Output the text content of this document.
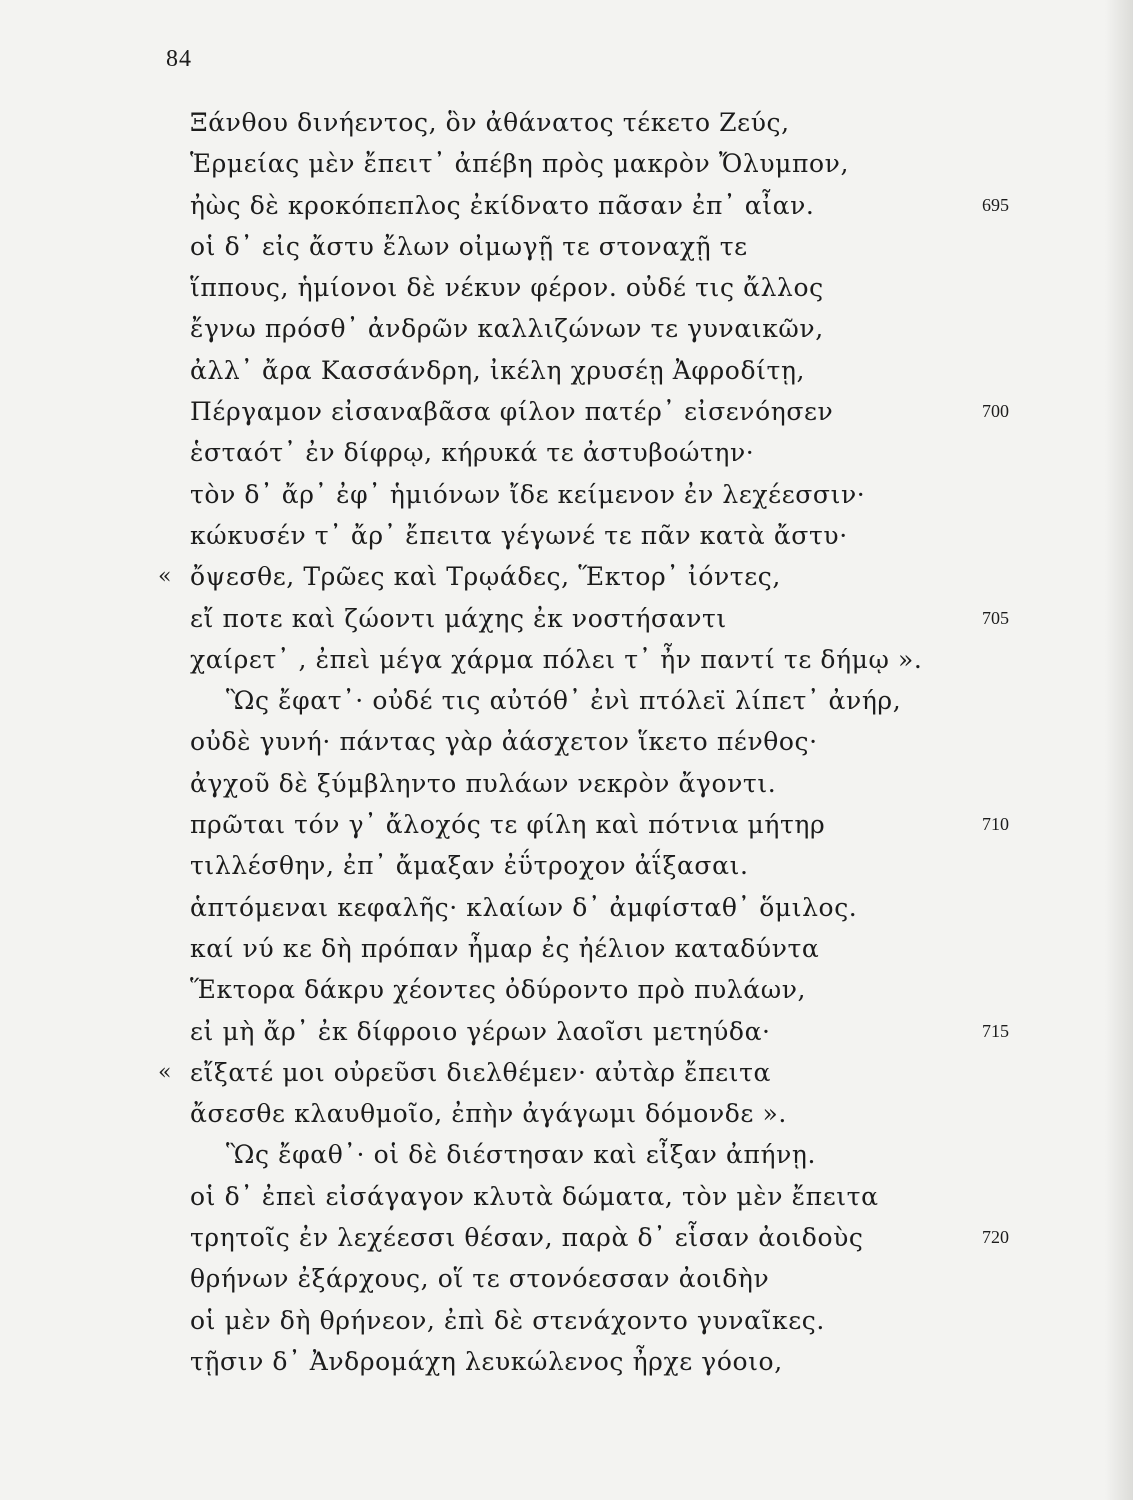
84
Ξάνθου δινήεντος, ὃν ἀθάνατος τέκετο Ζεύς,
Ἑρμείας μὲν ἔπειτ᾽ ἀπέβη πρὸς μακρὸν Ὄλυμπον,
ἠὼς δὲ κροκόπεπλος ἐκίδνατο πᾶσαν ἐπ᾽ αἶαν.	695
οἱ δ᾽ εἰς ἄστυ ἔλων οἰμωγῇ τε στοναχῇ τε
ἵππους, ἡμίονοι δὲ νέκυν φέρον. οὐδέ τις ἄλλος
ἔγνω πρόσθ᾽ ἀνδρῶν καλλιζώνων τε γυναικῶν,
ἀλλ᾽ ἄρα Κασσάνδρη, ἰκέλη χρυσέῃ Ἀφροδίτῃ,
Πέργαμον εἰσαναβᾶσα φίλον πατέρ᾽ εἰσενόησεν	700
ἑσταότ᾽ ἐν δίφρῳ, κήρυκά τε ἀστυβοώτην·
τὸν δ᾽ ἄρ᾽ ἐφ᾽ ἡμιόνων ἴδε κείμενον ἐν λεχέεσσιν·
κώκυσέν τ᾽ ἄρ᾽ ἔπειτα γέγωνέ τε πᾶν κατὰ ἄστυ·
« ὄψεσθε, Τρῶες καὶ Τρῳάδες, Ἕκτορ᾽ ἰόντες,
εἴ ποτε καὶ ζώοντι μάχης ἐκ νοστήσαντι	705
χαίρετ᾽ , ἐπεὶ μέγα χάρμα πόλει τ᾽ ἦν παντί τε δήμῳ ».
Ὣς ἔφατ᾽· οὐδέ τις αὐτόθ᾽ ἐνὶ πτόλεϊ λίπετ᾽ ἀνήρ,
οὐδὲ γυνή· πάντας γὰρ ἀάσχετον ἵκετο πένθος·
ἀγχοῦ δὲ ξύμβληντο πυλάων νεκρὸν ἄγοντι.
πρῶται τόν γ᾽ ἄλοχός τε φίλη καὶ πότνια μήτηρ	710
τιλλέσθην, ἐπ᾽ ἄμαξαν ἐΰτροχον ἀΐξασαι.
ἁπτόμεναι κεφαλῆς· κλαίων δ᾽ ἀμφίσταθ᾽ ὅμιλος.
καί νύ κε δὴ πρόπαν ἦμαρ ἐς ἠέλιον καταδύντα
Ἕκτορα δάκρυ χέοντες ὀδύροντο πρὸ πυλάων,
εἰ μὴ ἄρ᾽ ἐκ δίφροιο γέρων λαοῖσι μετηύδα·	715
« εἴξατέ μοι οὐρεῦσι διελθέμεν· αὐτὰρ ἔπειτα
ἄσεσθε κλαυθμοῖο, ἐπὴν ἀγάγωμι δόμονδε ».
Ὣς ἔφαθ᾽· οἱ δὲ διέστησαν καὶ εἶξαν ἀπήνῃ.
οἱ δ᾽ ἐπεὶ εἰσάγαγον κλυτὰ δώματα, τὸν μὲν ἔπειτα
τρητοῖς ἐν λεχέεσσι θέσαν, παρὰ δ᾽ εἷσαν ἀοιδοὺς	720
θρήνων ἐξάρχους, οἵ τε στονόεσσαν ἀοιδὴν
οἱ μὲν δὴ θρήνεον, ἐπὶ δὲ στενάχοντο γυναῖκες.
τῇσιν δ᾽ Ἀνδρομάχη λευκώλενος ἦρχε γόοιο,
